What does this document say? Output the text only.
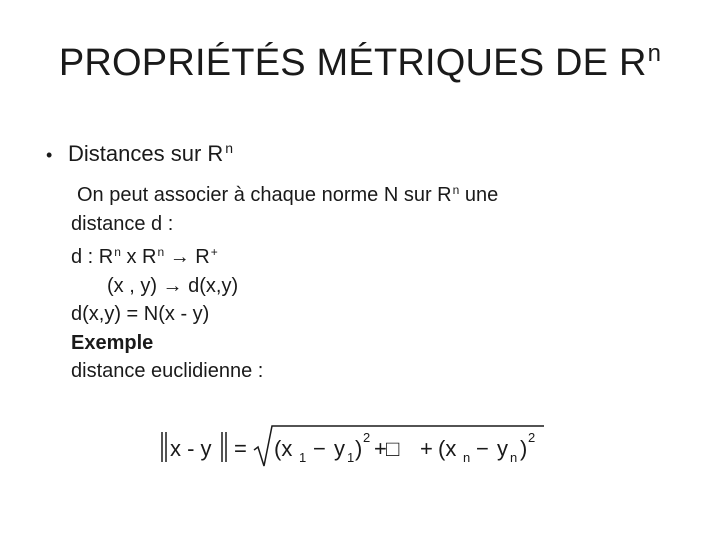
PROPRIÉTÉS MÉTRIQUES DE $R^n$
• Distances sur R $^n$
On peut associer à chaque norme N sur $R^n$ une
distance d :
d : $R^n$ x $R^n \to R^+$
(x , y) → d(x,y)
d(x,y) = N(x - y)
Exemple
distance euclidienne :
x - y = (x 1 − y 1 ) 2 + □ + (x n − y n ) 2
